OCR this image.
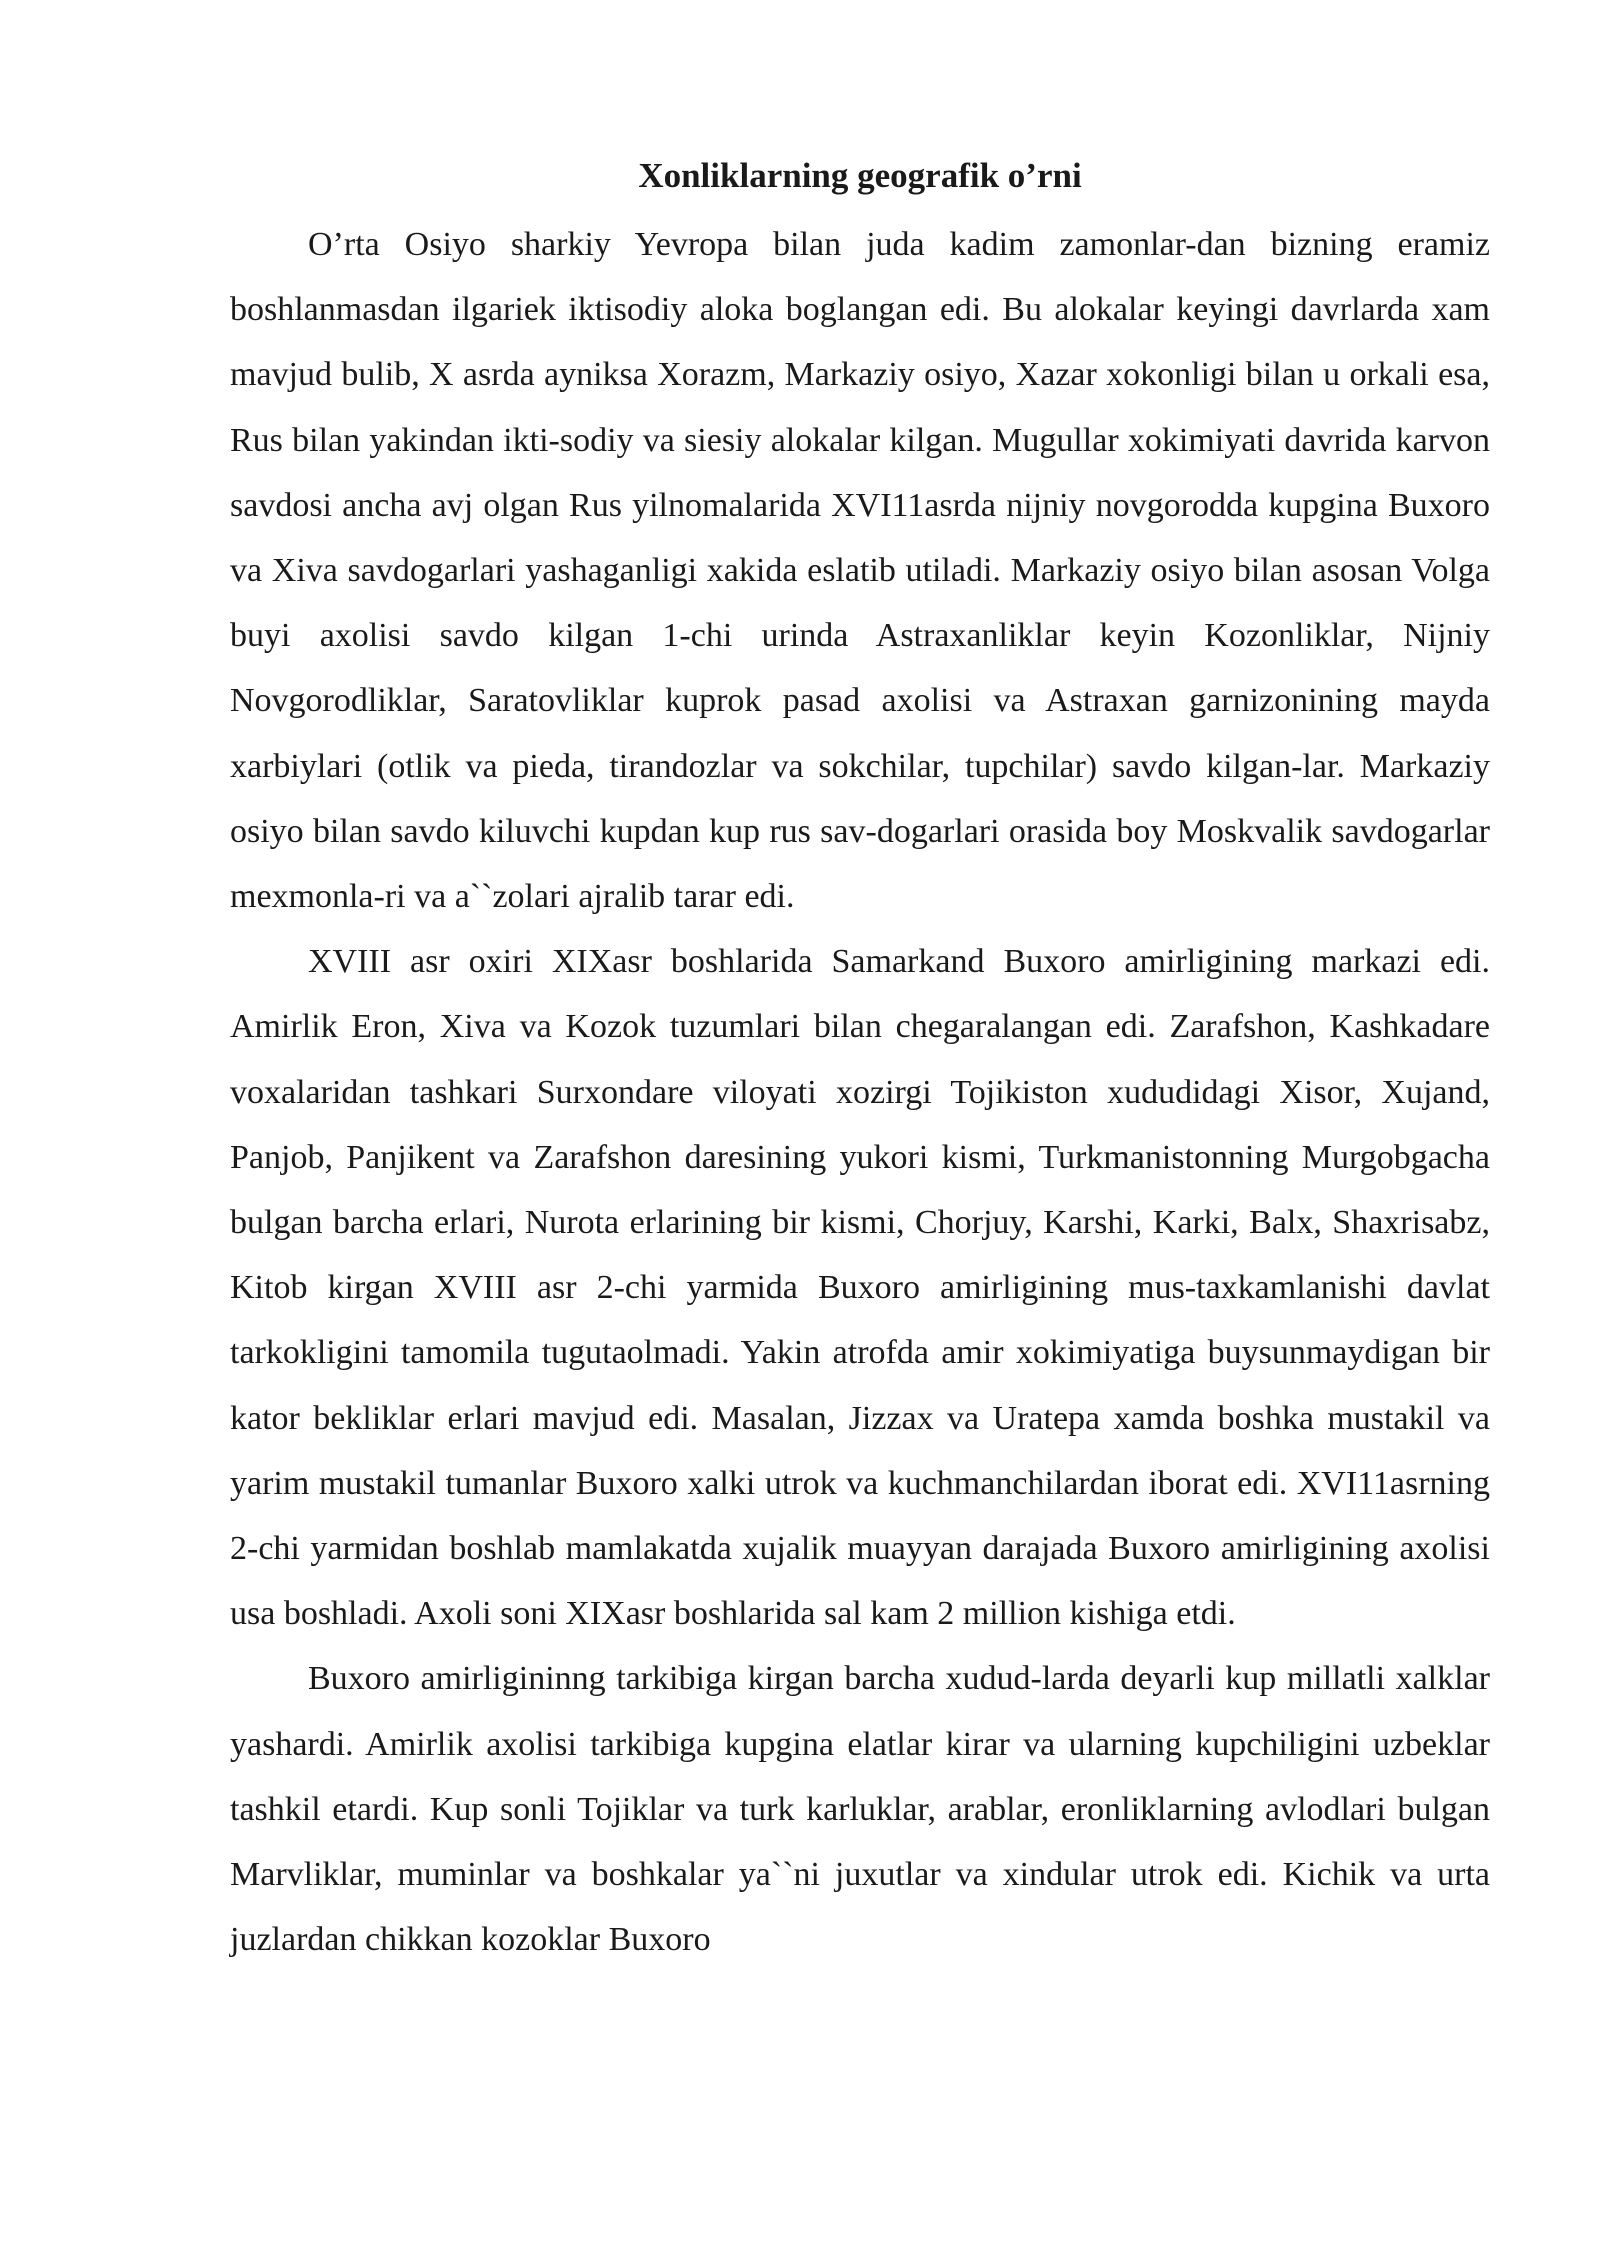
Xonliklarning geografik o’rni

O’rta Osiyo sharkiy Yevropa bilan juda kadim zamonlar-dan bizning eramiz boshlanmasdan ilgariek iktisodiy aloka boglangan edi. Bu alokalar keyingi davrlarda xam mavjud bulib, X asrda ayniksa Xorazm, Markaziy osiyo, Xazar xokonligi bilan u orkali esa, Rus bilan yakindan ikti-sodiy va siesiy alokalar kilgan. Mugullar xokimiyati davrida karvon savdosi ancha avj olgan Rus yilnomalarida XVI11asrda nijniy novgorodda kupgina Buxoro va Xiva savdogarlari yashaganligi xakida eslatib utiladi. Markaziy osiyo bilan asosan Volga buyi axolisi savdo kilgan 1-chi urinda Astraxanliklar keyin Kozonliklar, Nijniy Novgorodliklar, Saratovliklar kuprok pasad axolisi va Astraxan garnizonining mayda xarbiylari (otlik va pieda, tirandozlar va sokchilar, tupchilar) savdo kilgan-lar. Markaziy osiyo bilan savdo kiluvchi kupdan kup rus sav-dogarlari orasida boy Moskvalik savdogarlar mexmonla-ri va a``zolari ajralib tarar edi.

XVIII asr oxiri XIXasr boshlarida Samarkand Buxoro amirligining markazi edi. Amirlik Eron, Xiva va Kozok tuzumlari bilan chegaralangan edi. Zarafshon, Kashkadare voxalaridan tashkari Surxondare viloyati xozirgi Tojikiston xududidagi Xisor, Xujand, Panjob, Panjikent va Zarafshon daresining yukori kismi, Turkmanistonning Murgobgacha bulgan barcha erlari, Nurota erlarining bir kismi, Chorjuy, Karshi, Karki, Balx, Shaxrisabz, Kitob kirgan XVIII asr 2-chi yarmida Buxoro amirligining mus-taxkamlanishi davlat tarkokligini tamomila tugutaolmadi. Yakin atrofda amir xokimiyatiga buysunmaydigan bir kator bekliklar erlari mavjud edi. Masalan, Jizzax va Uratepa xamda boshka mustakil va yarim mustakil tumanlar Buxoro xalki utrok va kuchmanchilardan iborat edi. XVI11asrning 2-chi yarmidan boshlab mamlakatda xujalik muayyan darajada Buxoro amirligining axolisi usa boshladi. Axoli soni XIXasr boshlarida sal kam 2 million kishiga etdi.

Buxoro amirligininng tarkibiga kirgan barcha xudud-larda deyarli kup millatli xalklar yashardi. Amirlik axolisi tarkibiga kupgina elatlar kirar va ularning kupchiligini uzbeklar tashkil etardi. Kup sonli Tojiklar va turk karluklar, arablar, eronliklarning avlodlari bulgan Marvliklar, muminlar va boshkalar ya``ni juxutlar va xindular utrok edi. Kichik va urta juzlardan chikkan kozoklar Buxoro
